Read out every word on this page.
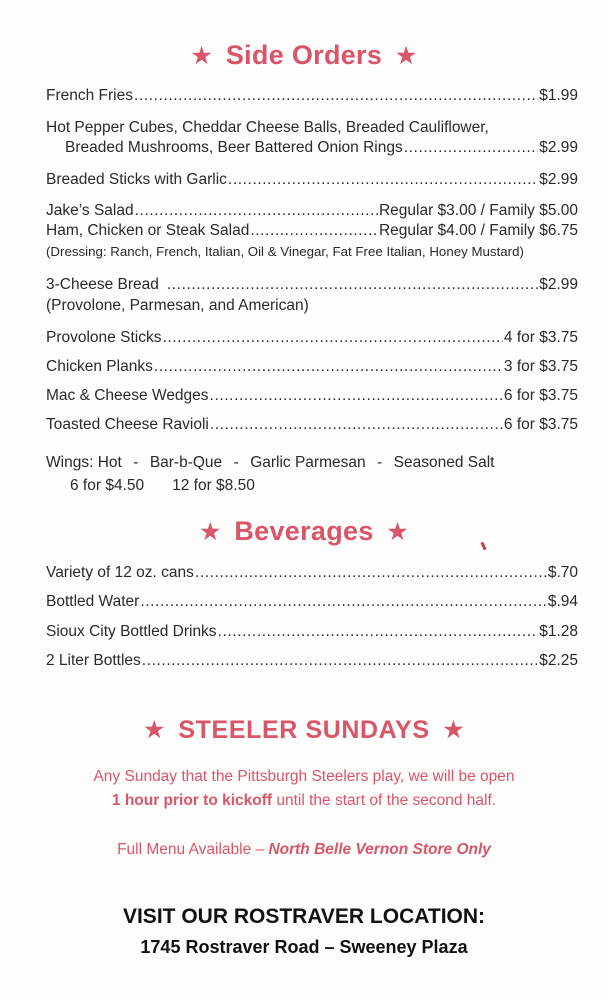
★ Side Orders ★
French Fries .....	$1.99
Hot Pepper Cubes, Cheddar Cheese Balls, Breaded Cauliflower,
Breaded Mushrooms, Beer Battered Onion Rings .....	$2.99
Breaded Sticks with Garlic .....	$2.99
Jake’s Salad .....	Regular $3.00 / Family $5.00
Ham, Chicken or Steak Salad .....	Regular $4.00 / Family $6.75
(Dressing: Ranch, French, Italian, Oil & Vinegar, Fat Free Italian, Honey Mustard)
3-Cheese Bread .....	$2.99
(Provolone, Parmesan, and American)
Provolone Sticks .....	4 for $3.75
Chicken Planks .....	3 for $3.75
Mac & Cheese Wedges .....	6 for $3.75
Toasted Cheese Ravioli .....	6 for $3.75
Wings: Hot - Bar-b-Que - Garlic Parmesan - Seasoned Salt
6 for $4.50 12 for $8.50
★ Beverages ★
Variety of 12 oz. cans .....	$.70
Bottled Water .....	$.94
Sioux City Bottled Drinks .....	$1.28
2 Liter Bottles .....	$2.25
★ STEELER SUNDAYS ★
Any Sunday that the Pittsburgh Steelers play, we will be open
1 hour prior to kickoff until the start of the second half.
Full Menu Available – North Belle Vernon Store Only
VISIT OUR ROSTRAVER LOCATION:
1745 Rostraver Road – Sweeney Plaza
